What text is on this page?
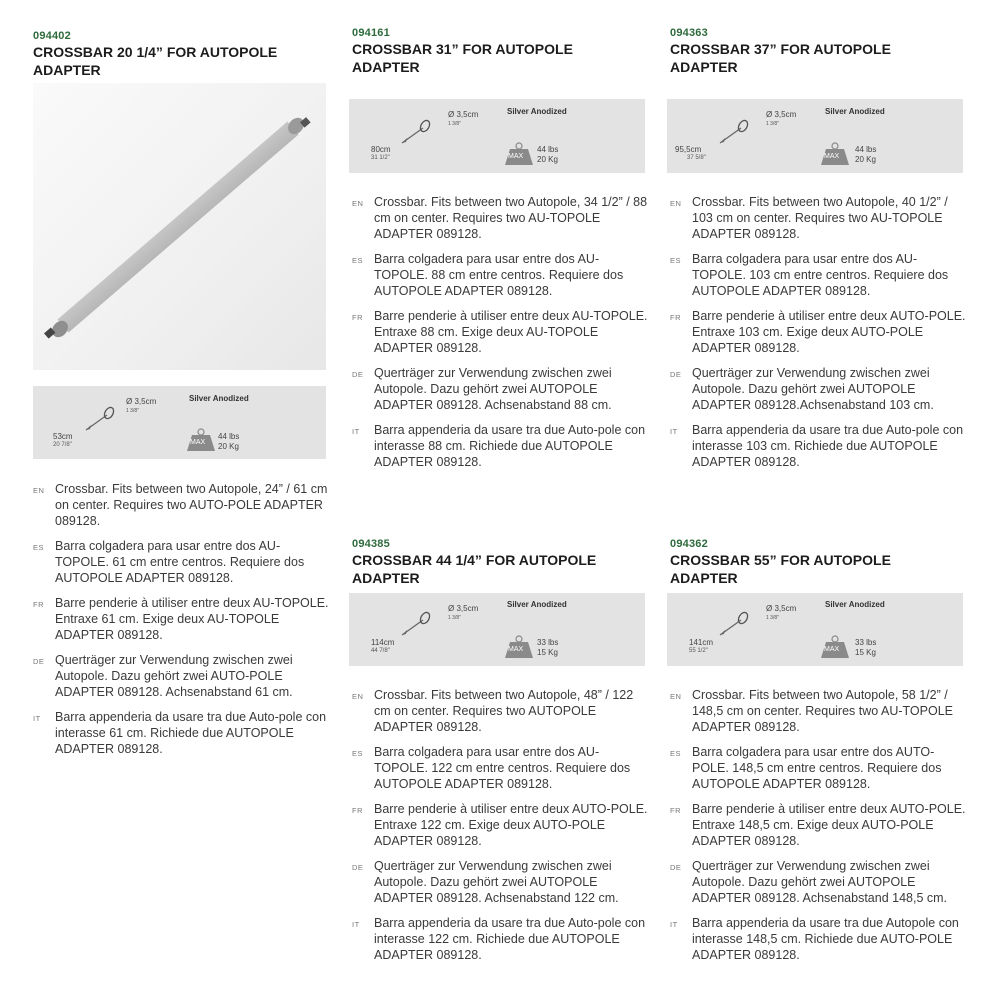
094402
CROSSBAR 20 1/4” FOR AUTOPOLE
ADAPTER
Ø 3,5cm
1 3/8"
Silver Anodized
53cm
20 7/8"	MAX
44 lbs
20 Kg
EN Crossbar. Fits between two Autopole, 24” / 61 cm on center. Requires two AUTO-POLE ADAPTER 089128.
ES Barra colgadera para usar entre dos AU-TOPOLE. 61 cm entre centros. Requiere dos AUTOPOLE ADAPTER 089128.
FR Barre penderie à utiliser entre deux AU-TOPOLE. Entraxe 61 cm. Exige deux AU-TOPOLE ADAPTER 089128.
DE Querträger zur Verwendung zwischen zwei Autopole. Dazu gehört zwei AUTO-POLE ADAPTER 089128. Achsenabstand 61 cm.
IT Barra appenderia da usare tra due Auto-pole con interasse 61 cm. Richiede due AUTOPOLE ADAPTER 089128.
094161
CROSSBAR 31” FOR AUTOPOLE
ADAPTER
Ø 3,5cm
1 3/8"
Silver Anodized
80cm
31 1/2"	MAX
44 lbs
20 Kg
EN Crossbar. Fits between two Autopole, 34 1/2” / 88 cm on center. Requires two AU-TOPOLE ADAPTER 089128.
ES Barra colgadera para usar entre dos AU-TOPOLE. 88 cm entre centros. Requiere dos AUTOPOLE ADAPTER 089128.
FR Barre penderie à utiliser entre deux AU-TOPOLE. Entraxe 88 cm. Exige deux AU-TOPOLE ADAPTER 089128.
DE Querträger zur Verwendung zwischen zwei Autopole. Dazu gehört zwei AUTOPOLE ADAPTER 089128. Achsenabstand 88 cm.
IT Barra appenderia da usare tra due Auto-pole con interasse 88 cm. Richiede due AUTOPOLE ADAPTER 089128.
094363
CROSSBAR 37” FOR AUTOPOLE
ADAPTER
Ø 3,5cm
1 3/8"
Silver Anodized
95,5cm
37 5/8"	MAX
44 lbs
20 Kg
EN Crossbar. Fits between two Autopole, 40 1/2” / 103 cm on center. Requires two AU-TOPOLE ADAPTER 089128.
ES Barra colgadera para usar entre dos AU-TOPOLE. 103 cm entre centros. Requiere dos AUTOPOLE ADAPTER 089128.
FR Barre penderie à utiliser entre deux AUTO-POLE. Entraxe 103 cm. Exige deux AUTO-POLE ADAPTER 089128.
DE Querträger zur Verwendung zwischen zwei Autopole. Dazu gehört zwei AUTOPOLE ADAPTER 089128.Achsenabstand 103 cm.
IT Barra appenderia da usare tra due Auto-pole con interasse 103 cm. Richiede due AUTOPOLE ADAPTER 089128.
094385
CROSSBAR 44 1/4” FOR AUTOPOLE
ADAPTER
Ø 3,5cm
1 3/8"
Silver Anodized
114cm
44 7/8"	MAX
33 lbs
15 Kg
EN Crossbar. Fits between two Autopole, 48” / 122 cm on center. Requires two AUTOPOLE ADAPTER 089128.
ES Barra colgadera para usar entre dos AU-TOPOLE. 122 cm entre centros. Requiere dos AUTOPOLE ADAPTER 089128.
FR Barre penderie à utiliser entre deux AUTO-POLE. Entraxe 122 cm. Exige deux AUTO-POLE ADAPTER 089128.
DE Querträger zur Verwendung zwischen zwei Autopole. Dazu gehört zwei AUTOPOLE ADAPTER 089128. Achsenabstand 122 cm.
IT Barra appenderia da usare tra due Auto-pole con interasse 122 cm. Richiede due AUTOPOLE ADAPTER 089128.
094362
CROSSBAR 55” FOR AUTOPOLE
ADAPTER
Ø 3,5cm
1 3/8"
Silver Anodized
141cm
55 1/2"	MAX
33 lbs
15 Kg
EN Crossbar. Fits between two Autopole, 58 1/2” / 148,5 cm on center. Requires two AU-TOPOLE ADAPTER 089128.
ES Barra colgadera para usar entre dos AUTO-POLE. 148,5 cm entre centros. Requiere dos AUTOPOLE ADAPTER 089128.
FR Barre penderie à utiliser entre deux AUTO-POLE. Entraxe 148,5 cm. Exige deux AUTO-POLE ADAPTER 089128.
DE Querträger zur Verwendung zwischen zwei Autopole. Dazu gehört zwei AUTOPOLE ADAPTER 089128. Achsenabstand 148,5 cm.
IT Barra appenderia da usare tra due Autopole con interasse 148,5 cm. Richiede due AUTO-POLE ADAPTER 089128.
